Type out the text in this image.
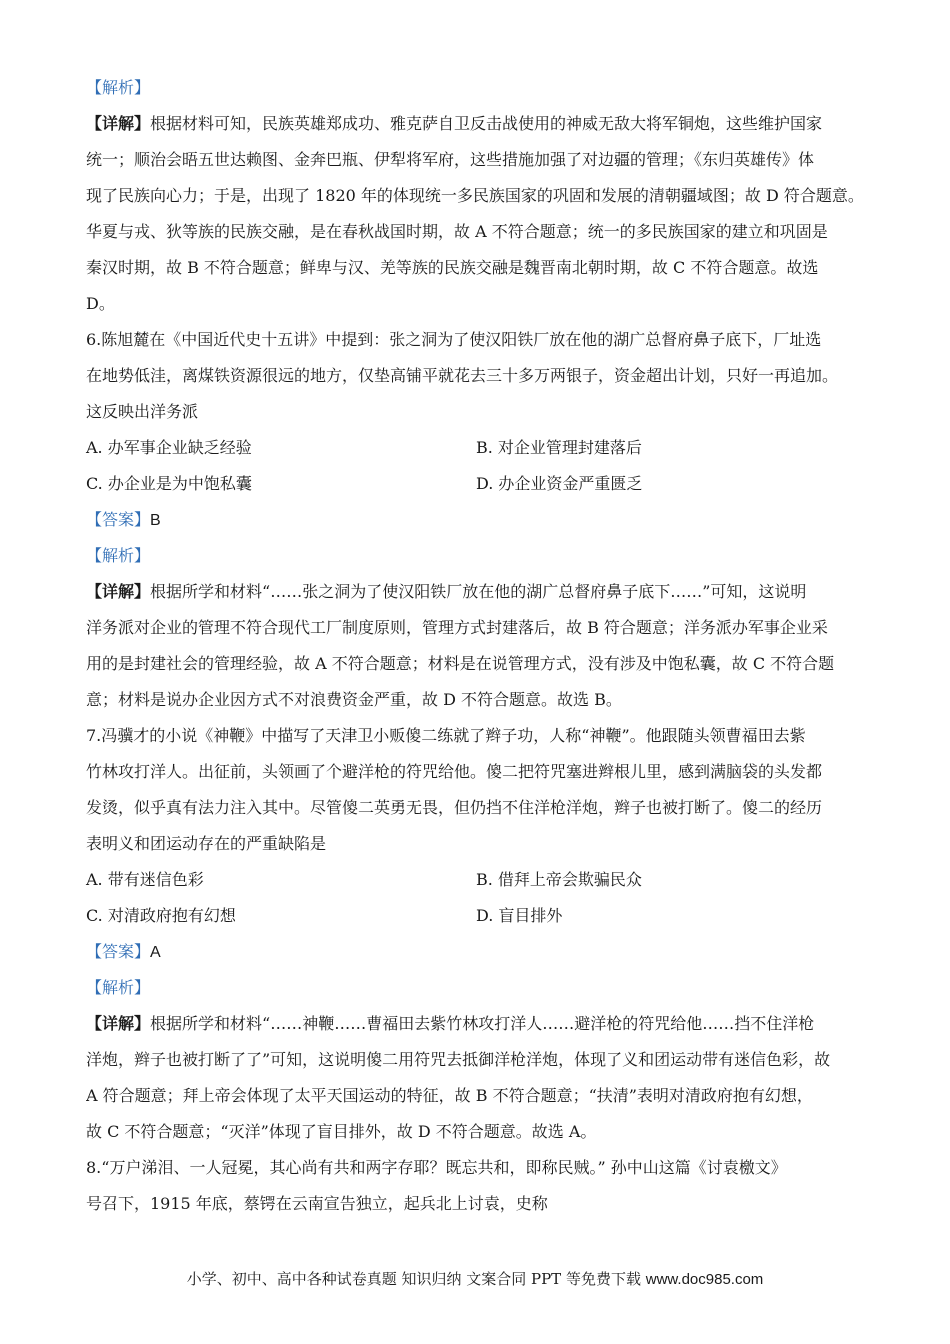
【解析】
【详解】根据材料可知，民族英雄郑成功、雅克萨自卫反击战使用的神威无敌大将军铜炮，这些维护国家
统一；顺治会晤五世达赖图、金奔巴瓶、伊犁将军府，这些措施加强了对边疆的管理；《东归英雄传》体
现了民族向心力；于是，出现了 1820 年的体现统一多民族国家的巩固和发展的清朝疆域图；故 D 符合题意。
华夏与戎、狄等族的民族交融，是在春秋战国时期，故 A 不符合题意；统一的多民族国家的建立和巩固是
秦汉时期，故 B 不符合题意；鲜卑与汉、羌等族的民族交融是魏晋南北朝时期，故 C 不符合题意。故选
D。
6.陈旭麓在《中国近代史十五讲》中提到：张之洞为了使汉阳铁厂放在他的湖广总督府鼻子底下，厂址选
在地势低洼，离煤铁资源很远的地方，仅垫高铺平就花去三十多万两银子，资金超出计划，只好一再追加。
这反映出洋务派
A. 办军事企业缺乏经验	B. 对企业管理封建落后
C. 办企业是为中饱私囊	D. 办企业资金严重匮乏
【答案】B
【解析】
【详解】根据所学和材料“……张之洞为了使汉阳铁厂放在他的湖广总督府鼻子底下……”可知，这说明
洋务派对企业的管理不符合现代工厂制度原则，管理方式封建落后，故 B 符合题意；洋务派办军事企业采
用的是封建社会的管理经验，故 A 不符合题意；材料是在说管理方式，没有涉及中饱私囊，故 C 不符合题
意；材料是说办企业因方式不对浪费资金严重，故 D 不符合题意。故选 B。
7.冯骥才的小说《神鞭》中描写了天津卫小贩傻二练就了辫子功，人称“神鞭”。他跟随头领曹福田去紫
竹林攻打洋人。出征前，头领画了个避洋枪的符咒给他。傻二把符咒塞进辫根儿里，感到满脑袋的头发都
发烫，似乎真有法力注入其中。尽管傻二英勇无畏，但仍挡不住洋枪洋炮，辫子也被打断了。傻二的经历
表明义和团运动存在的严重缺陷是
A. 带有迷信色彩	B. 借拜上帝会欺骗民众
C. 对清政府抱有幻想	D. 盲目排外
【答案】A
【解析】
【详解】根据所学和材料“……神鞭……曹福田去紫竹林攻打洋人……避洋枪的符咒给他……挡不住洋枪
洋炮，辫子也被打断了了”可知，这说明傻二用符咒去抵御洋枪洋炮，体现了义和团运动带有迷信色彩，故
A 符合题意；拜上帝会体现了太平天国运动的特征，故 B 不符合题意；“扶清”表明对清政府抱有幻想，
故 C 不符合题意；“灭洋”体现了盲目排外，故 D 不符合题意。故选 A。
8.“万户涕泪、一人冠冕，其心尚有共和两字存耶？既忘共和，即称民贼。” 孙中山这篇《讨袁檄文》
号召下，1915 年底，蔡锷在云南宣告独立，起兵北上讨袁，史称
小学、初中、高中各种试卷真题 知识归纳 文案合同 PPT 等免费下载 www.doc985.com
